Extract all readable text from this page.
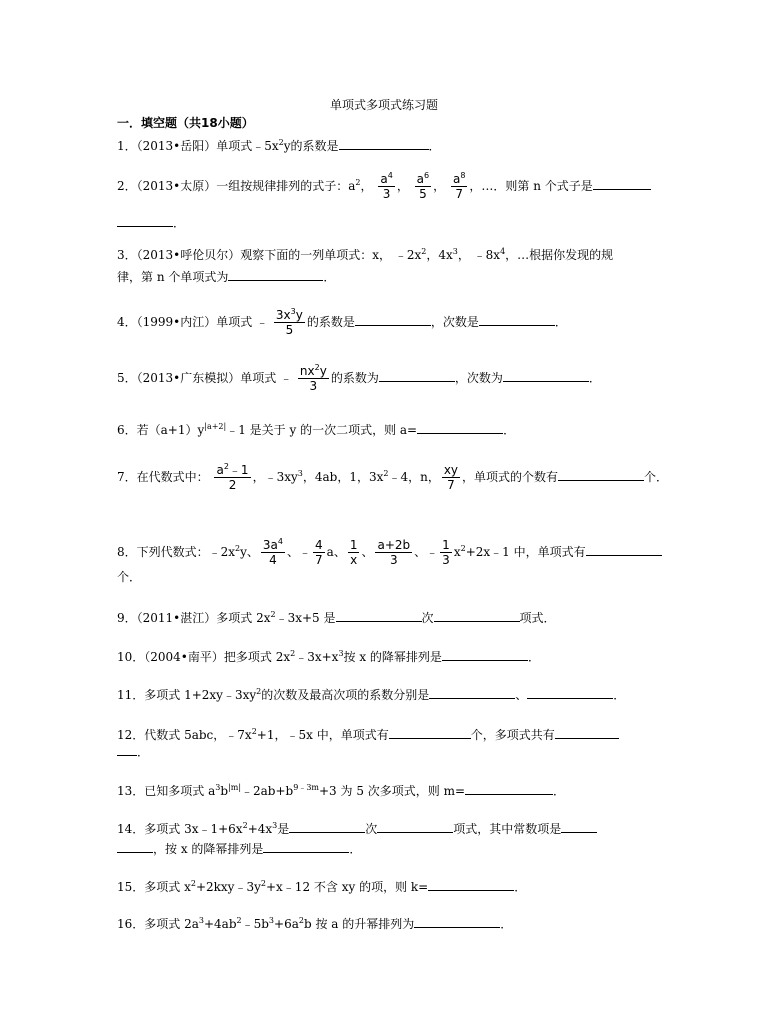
单项式多项式练习题
一．填空题（共18小题）
1．（2013•岳阳）单项式$﹣5x^2y$的系数是	．
2．（2013•太原）一组按规律排列的式子：$a^2$， $\frac{a^4}{3}$ ， $\frac{a^6}{5}$ ， $\frac{a^8}{7}$ ，…．则第 n 个式子是
．
3．（2013•呼伦贝尔）观察下面的一列单项式：x， $﹣2x^2$，$4x^3$， $﹣8x^4$，…根据你发现的规
律，第 n 个单项式为	．
4．（1999•内江）单项式 ﹣ $\frac{3x^3y}{5}$ 的系数是	，次数是	．
5．（2013•广东模拟）单项式 ﹣ $\frac{nx^2y}{3}$ 的系数为	，次数为	．
6．若$(a+1)y^{|a+2|}﹣1$ 是关于 y 的一次二项式，则 a=	．
7．在代数式中： $\frac{a^2﹣1}{2}$ ，$﹣3xy^3$，4ab，1，$3x^2﹣4$，n， $\frac{xy}{7}$ ，单项式的个数有	个．
8．下列代数式：$﹣2x^2y$、 $\frac{3a^4}{4}$ 、﹣ $\frac{4}{7}$ a、 $\frac{1}{x}$ 、 $\frac{a+2b}{3}$ 、﹣ $\frac{1}{3}$ $x^2+2x﹣1$ 中，单项式有
个．
9．（2011•湛江）多项式 $2x^2﹣3x+5$ 是	次	项式．
10．（2004•南平）把多项式 $2x^2﹣3x+x^3$按 x 的降幂排列是	．
11．多项式 $1+2xy﹣3xy^2$的次数及最高次项的系数分别是	、	．
12．代数式 5abc，$﹣7x^2+1$，﹣5x 中，单项式有	个，多项式共有
．
13．已知多项式 $a^3b^{|m|}﹣2ab+b^{9﹣3m}+3$ 为 5 次多项式，则 m=	．
14．多项式 $3x﹣1+6x^2+4x^3$是	次	项式，其中常数项是
，按 x 的降幂排列是	．
15．多项式 $x^2+2kxy﹣3y^2+x﹣12$ 不含 xy 的项，则 k=	．
16．多项式 $2a^3+4ab^2﹣5b^3+6a^2b$ 按 a 的升幂排列为	．
